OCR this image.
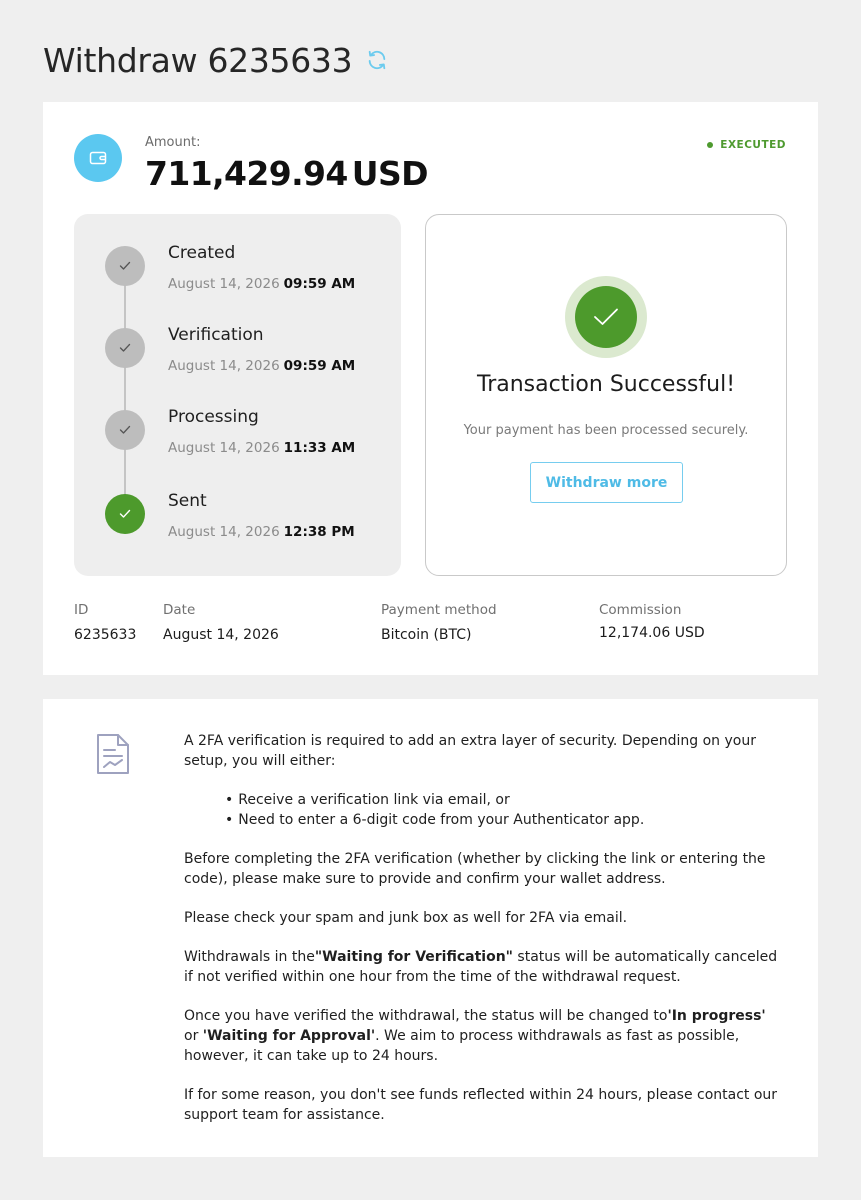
Withdraw 6235633
Amount:
711,429.94 USD
EXECUTED
Created
August 14, 2026 09:59 AM
Verification
August 14, 2026 09:59 AM
Processing
August 14, 2026 11:33 AM
Sent
August 14, 2026 12:38 PM
Transaction Successful!
Your payment has been processed securely.
Withdraw more
ID
6235633
Date
August 14, 2026
Payment method
Bitcoin (BTC)
Commission
12,174.06 USD

A 2FA verification is required to add an extra layer of security. Depending on your setup, you will either:

• Receive a verification link via email, or
• Need to enter a 6-digit code from your Authenticator app.

Before completing the 2FA verification (whether by clicking the link or entering the code), please make sure to provide and confirm your wallet address.

Please check your spam and junk box as well for 2FA via email.

Withdrawals in the"Waiting for Verification" status will be automatically canceled if not verified within one hour from the time of the withdrawal request.

Once you have verified the withdrawal, the status will be changed to'In progress' or 'Waiting for Approval'. We aim to process withdrawals as fast as possible, however, it can take up to 24 hours.

If for some reason, you don't see funds reflected within 24 hours, please contact our support team for assistance.
